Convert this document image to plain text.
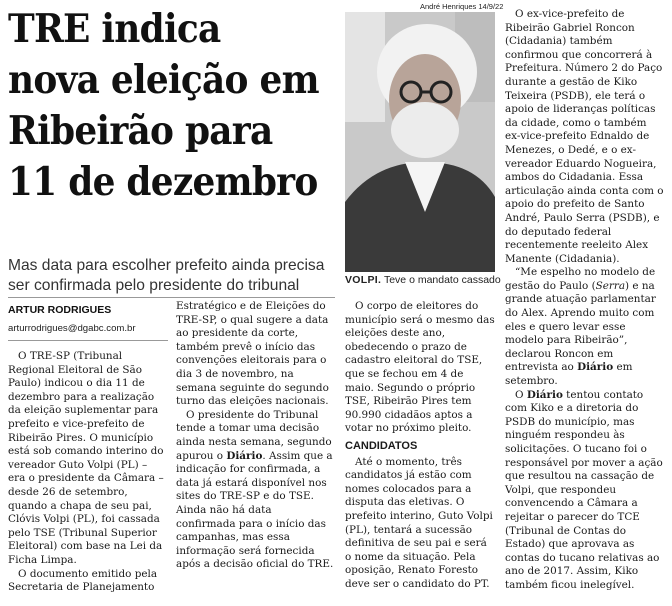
TRE indica
nova eleição em
Ribeirão para
11 de dezembro
Mas data para escolher prefeito ainda precisa ser confirmada pelo presidente do tribunal
ARTUR RODRIGUES
arturrodrigues@dgabc.com.br
André Henriques 14/9/22
VOLPI. Teve o mandato cassado

O TRE-SP (Tribunal Regional Eleitoral de São Paulo) indicou o dia 11 de dezembro para a realização da eleição suplementar para prefeito e vice-prefeito de Ribeirão Pires. O município está sob comando interino do vereador Guto Volpi (PL) – era o presidente da Câmara – desde 26 de setembro, quando a chapa de seu pai, Clóvis Volpi (PL), foi cassada pelo TSE (Tribunal Superior Eleitoral) com base na Lei da Ficha Limpa.

O documento emitido pela Secretaria de Planejamento

Estratégico e de Eleições do TRE-SP, o qual sugere a data ao presidente da corte, também prevê o início das convenções eleitorais para o dia 3 de novembro, na semana seguinte do segundo turno das eleições nacionais.

O presidente do Tribunal tende a tomar uma decisão ainda nesta semana, segundo apurou o Diário. Assim que a indicação for confirmada, a data já estará disponível nos sites do TRE-SP e do TSE. Ainda não há data confirmada para o início das campanhas, mas essa informação será fornecida após a decisão oficial do TRE.

O corpo de eleitores do município será o mesmo das eleições deste ano, obedecendo o prazo de cadastro eleitoral do TSE, que se fechou em 4 de maio. Segundo o próprio TSE, Ribeirão Pires tem 90.990 cidadãos aptos a votar no próximo pleito.

CANDIDATOS

Até o momento, três candidatos já estão com nomes colocados para a disputa das eletivas. O prefeito interino, Guto Volpi (PL), tentará a sucessão definitiva de seu pai e será o nome da situação. Pela oposição, Renato Foresto deve ser o candidato do PT.

O ex-vice-prefeito de Ribeirão Gabriel Roncon (Cidadania) também confirmou que concorrerá à Prefeitura. Número 2 do Paço durante a gestão de Kiko Teixeira (PSDB), ele terá o apoio de lideranças políticas da cidade, como o também ex-vice-prefeito Ednaldo de Menezes, o Dedé, e o ex-vereador Eduardo Nogueira, ambos do Cidadania. Essa articulação ainda conta com o apoio do prefeito de Santo André, Paulo Serra (PSDB), e do deputado federal recentemente reeleito Alex Manente (Cidadania).

“Me espelho no modelo de gestão do Paulo (Serra) e na grande atuação parlamentar do Alex. Aprendo muito com eles e quero levar esse modelo para Ribeirão”, declarou Roncon em entrevista ao Diário em setembro.

O Diário tentou contato com Kiko e a diretoria do PSDB do município, mas ninguém respondeu às solicitações. O tucano foi o responsável por mover a ação que resultou na cassação de Volpi, que respondeu convencendo a Câmara a rejeitar o parecer do TCE (Tribunal de Contas do Estado) que aprovava as contas do tucano relativas ao ano de 2017. Assim, Kiko também ficou inelegível.
